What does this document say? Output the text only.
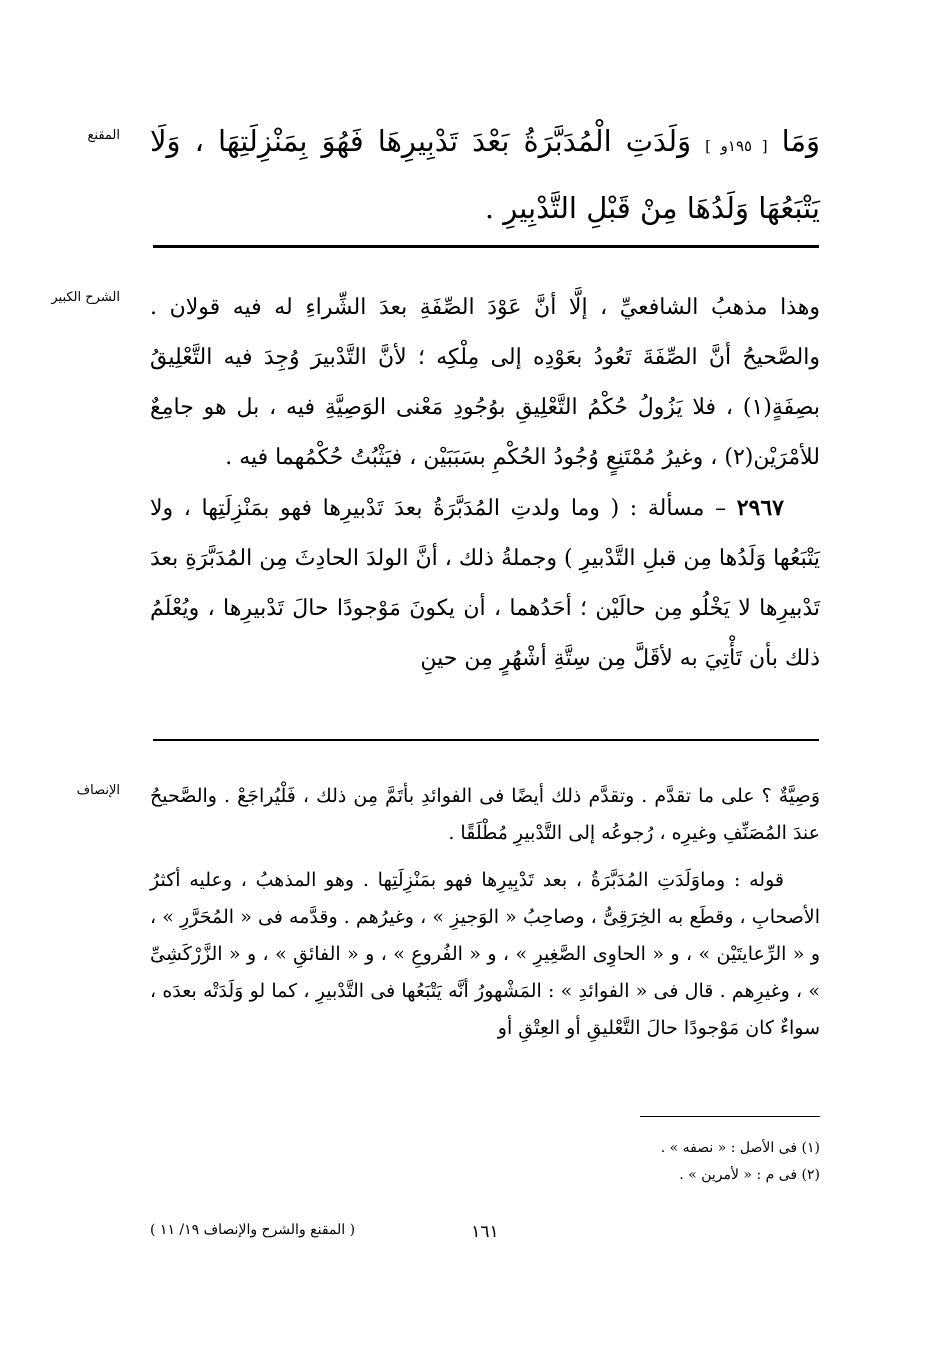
المقنع	وَمَا [ ١٩٥و ] وَلَدَتِ الْمُدَبَّرَةُ بَعْدَ تَدْبِيرِهَا فَهُوَ بِمَنْزِلَتِهَا ، وَلَا يَتْبَعُهَا وَلَدُهَا مِنْ قَبْلِ التَّدْبِيرِ .

الشرح الكبير وهذا مذهبُ الشافعيِّ ، إلَّا أنَّ عَوْدَ الصِّفَةِ بعدَ الشِّراءِ له فيه قولان . والصَّحيحُ أنَّ الصِّفَةَ تَعُودُ بعَوْدِه إلى مِلْكِه ؛ لأنَّ التَّدْبيرَ وُجِدَ فيه التَّعْلِيقُ بصِفَةٍ(١) ، فلا يَزُولُ حُكْمُ التَّعْلِيقِ بوُجُودِ مَعْنى الوَصِيَّةِ فيه ، بل هو جامِعٌ للأمْرَيْن(٢) ، وغيرُ مُمْتَنِعٍ وُجُودُ الحُكْمِ بسَبَبَيْن ، فيَثْبُتُ حُكْمُهما فيه .

٢٩٦٧ – مسألة : ( وما ولدتِ المُدَبَّرَةُ بعدَ تَدْبيرِها فهو بمَنْزِلَتِها ، ولا يَتْبَعُها وَلَدُها مِن قبلِ التَّدْبيرِ ) وجملةُ ذلك ، أنَّ الولدَ الحادِثَ مِن المُدَبَّرَةِ بعدَ تَدْبيرِها لا يَخْلُو مِن حالَيْن ؛ أحَدُهما ، أن يكونَ مَوْجودًا حالَ تَدْبيرِها ، ويُعْلَمُ ذلك بأن تَأْتِيَ به لأقَلَّ مِن سِتَّةِ أشْهُرٍ مِن حينِ

الإنصاف وَصِيَّةٌ ؟ على ما تقدَّم . وتقدَّم ذلك أيضًا فى الفوائدِ بأتَمَّ مِن ذلك ، فَلْيُراجَعْ . والصَّحيحُ عندَ المُصَنِّفِ وغيرِه ، رُجوعُه إلى التَّدْبيرِ مُطْلَقًا .

قوله : وماوَلَدَتِ المُدَبَّرَةُ ، بعد تَدْبِيرِها فهو بمَنْزِلَتِها . وهو المذهبُ ، وعليه أكثرُ الأصحابِ ، وقطَع به الخِرَقِىُّ ، وصاحِبُ « الوَجيزِ » ، وغيرُهم . وقدَّمه فى « المُحَرَّرِ » ، و « الرِّعايتَيْن » ، و « الحاوِى الصَّغِيرِ » ، و « الفُروعِ » ، و « الفائقِ » ، و « الزَّرْكَشِىِّ » ، وغيرِهم . قال فى « الفوائدِ » : المَشْهورُ أنَّه يَتْبَعُها فى التَّدْبيرِ ، كما لو وَلَدَتْه بعدَه ، سواءٌ كان مَوْجودًا حالَ التَّعْليقِ أو العِتْقِ أو

(١) فى الأصل : « نصفه » .
(٢) فى م : « لأمرين » .
١٦١
( المقنع والشرح والإنصاف ١٩/ ١١ )
